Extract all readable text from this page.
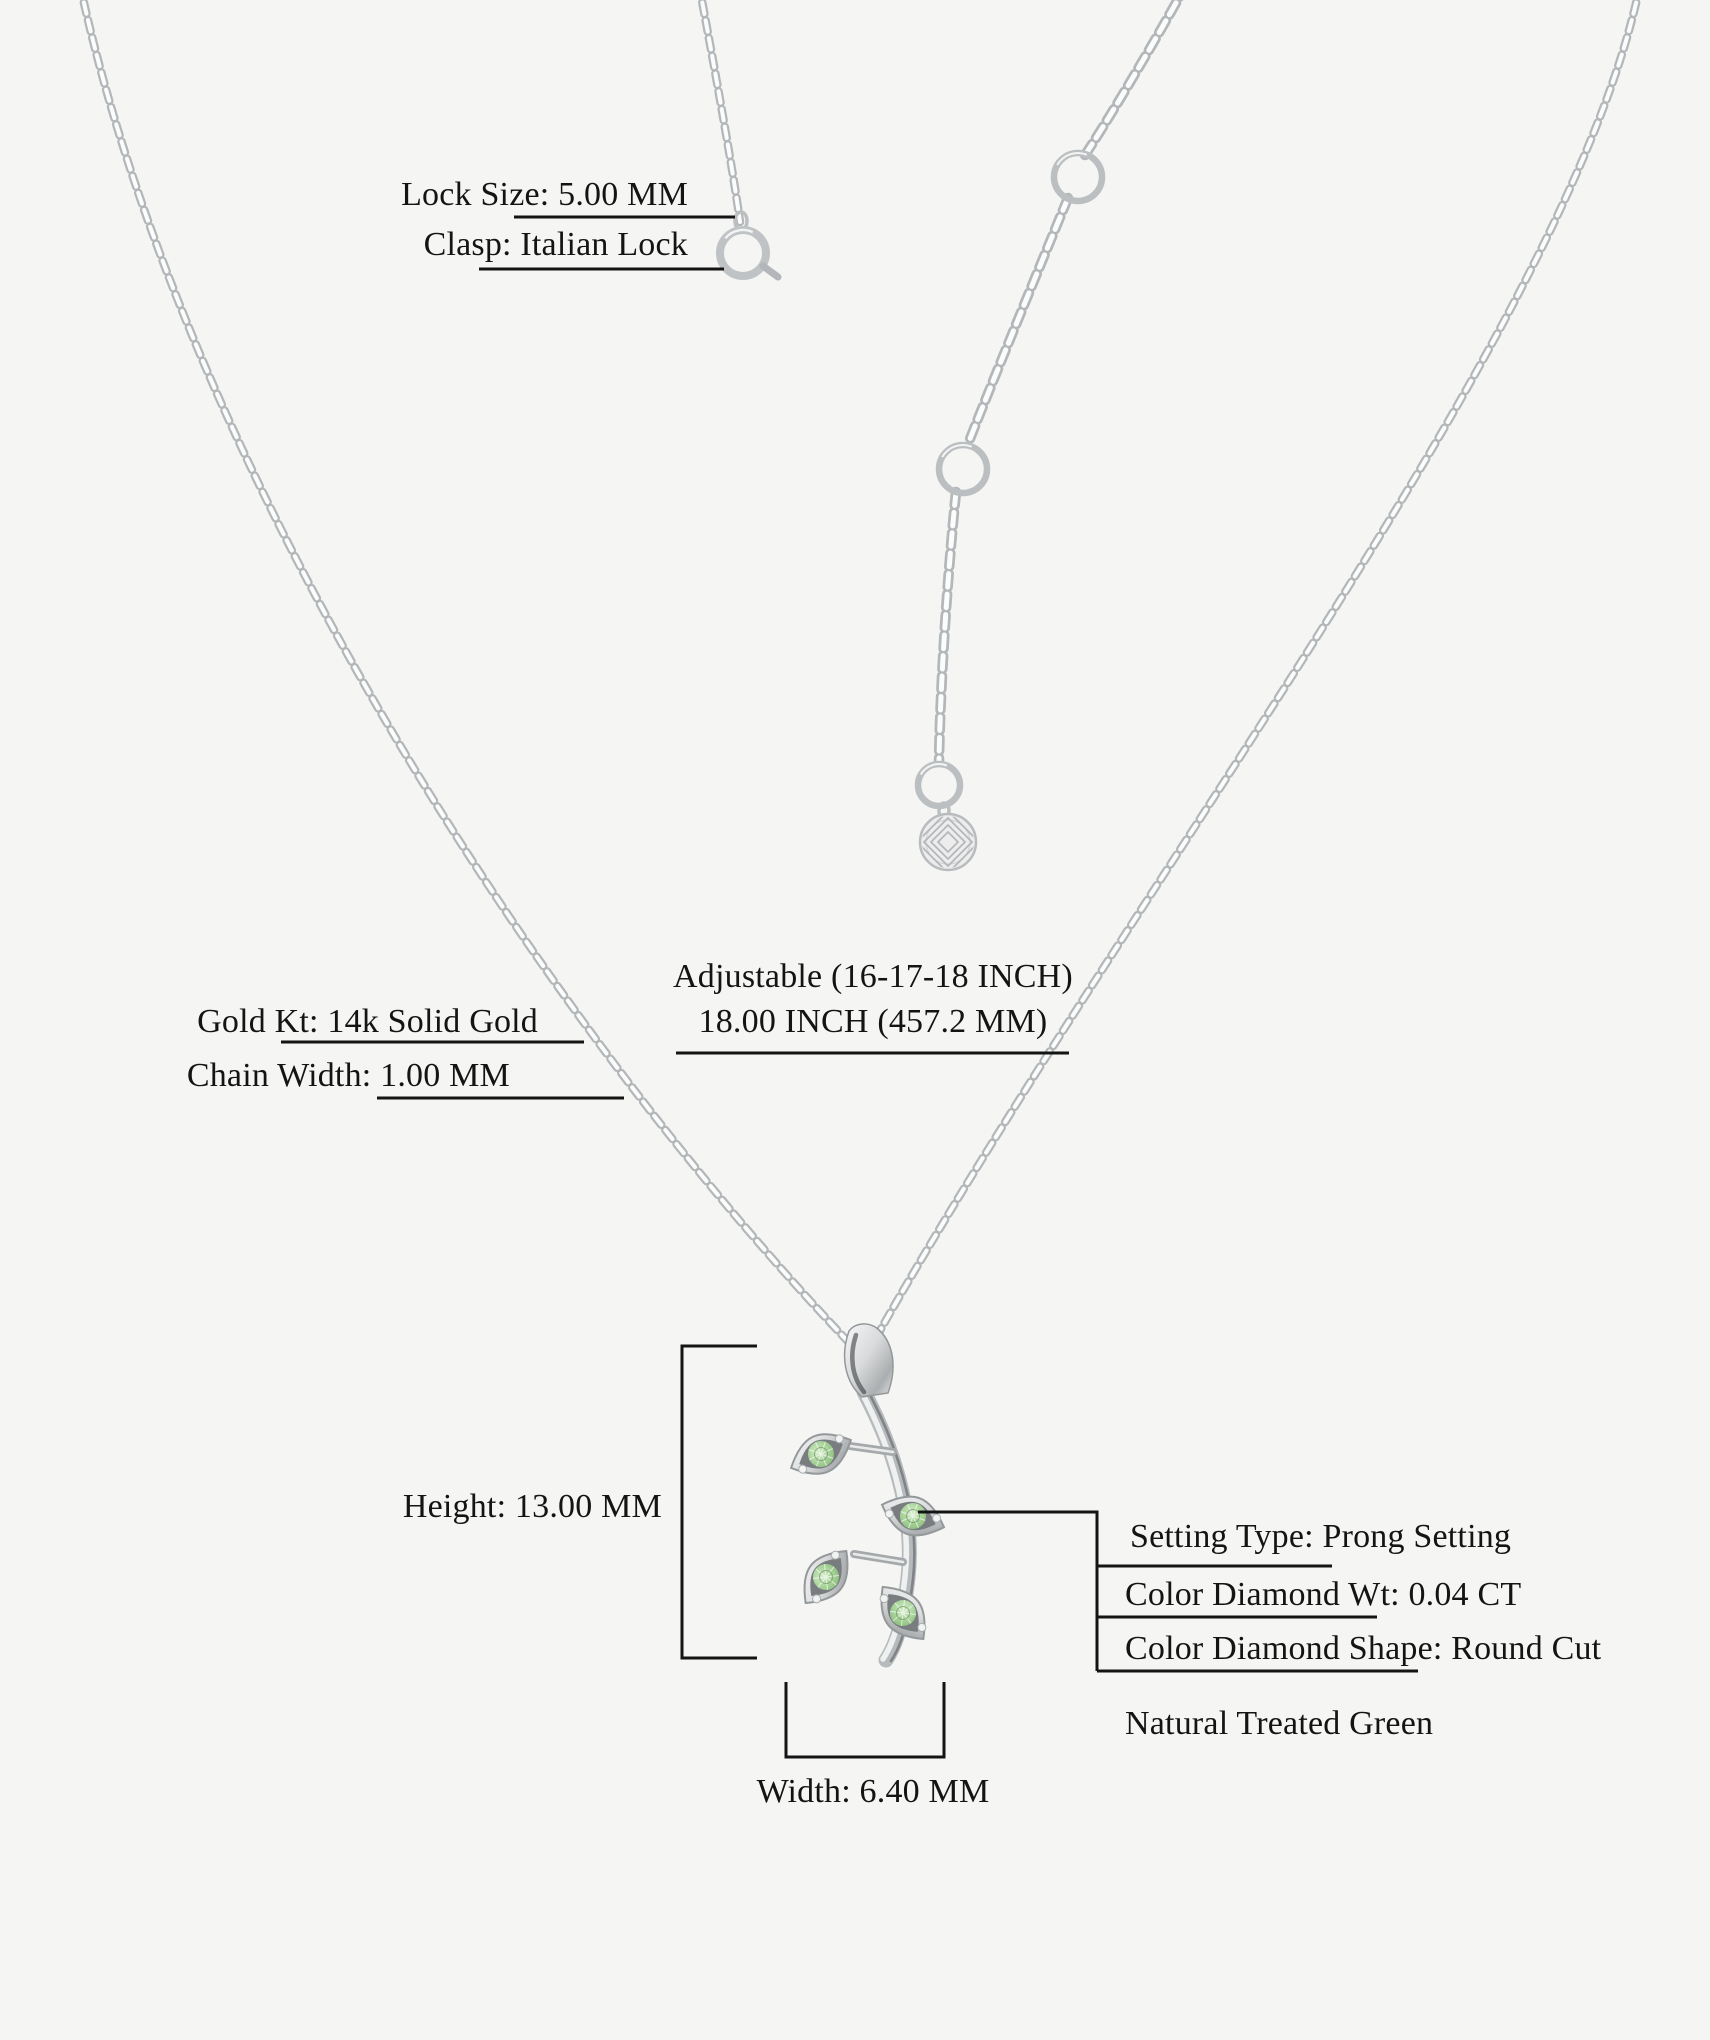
Lock Size: 5.00 MM
Clasp: Italian Lock
Adjustable (16-17-18 INCH)
18.00 INCH (457.2 MM)
Gold Kt: 14k Solid Gold
Chain Width: 1.00 MM
Height: 13.00 MM
Setting Type: Prong Setting
Color Diamond Wt: 0.04 CT
Color Diamond Shape: Round Cut
Natural Treated Green
Width: 6.40 MM
